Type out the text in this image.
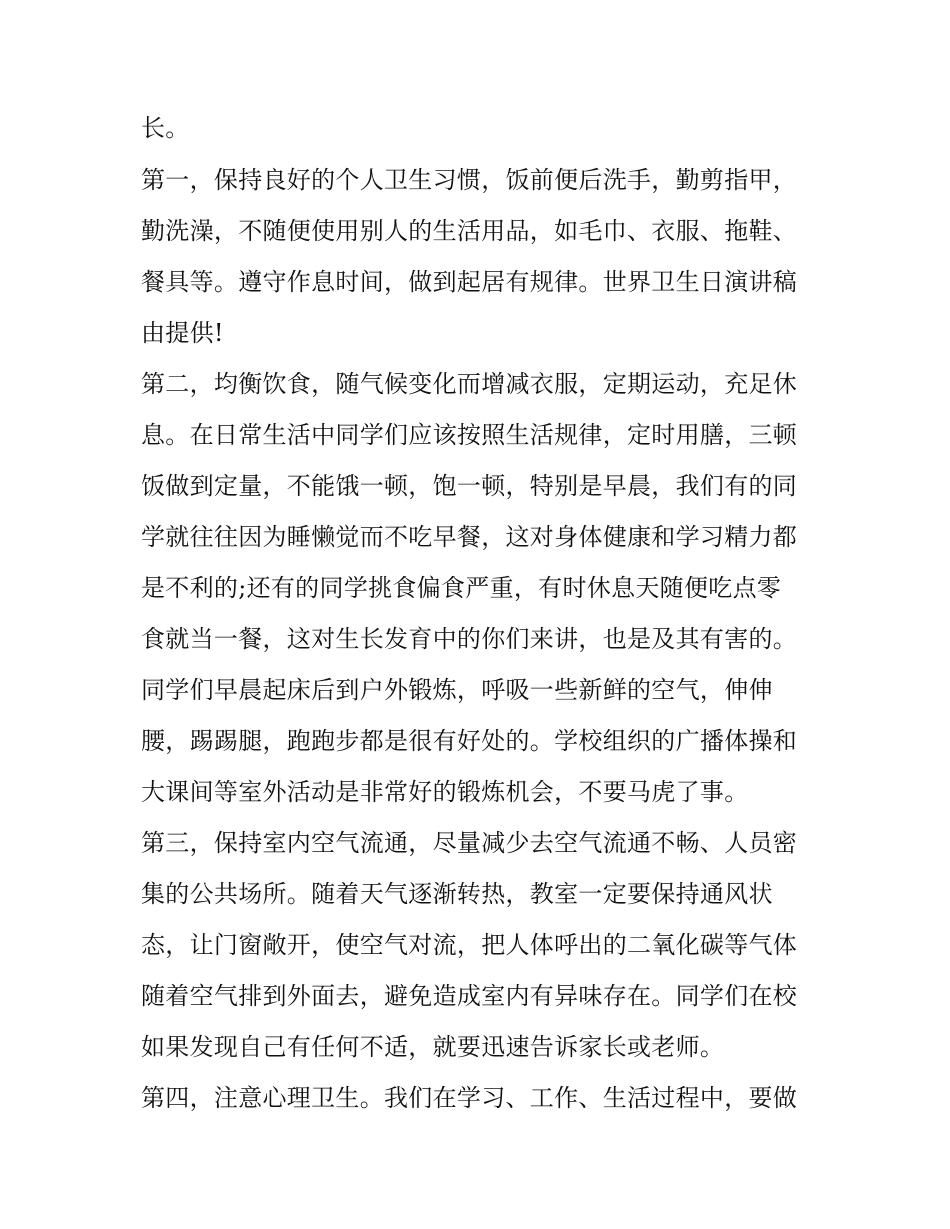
长。
第一，保持良好的个人卫生习惯，饭前便后洗手，勤剪指甲，
勤洗澡，不随便使用别人的生活用品，如毛巾、衣服、拖鞋、
餐具等。遵守作息时间，做到起居有规律。世界卫生日演讲稿
由提供!
第二，均衡饮食，随气候变化而增减衣服，定期运动，充足休
息。在日常生活中同学们应该按照生活规律，定时用膳，三顿
饭做到定量，不能饿一顿，饱一顿，特别是早晨，我们有的同
学就往往因为睡懒觉而不吃早餐，这对身体健康和学习精力都
是不利的;还有的同学挑食偏食严重，有时休息天随便吃点零
食就当一餐，这对生长发育中的你们来讲，也是及其有害的。
同学们早晨起床后到户外锻炼，呼吸一些新鲜的空气，伸伸
腰，踢踢腿，跑跑步都是很有好处的。学校组织的广播体操和
大课间等室外活动是非常好的锻炼机会，不要马虎了事。
第三，保持室内空气流通，尽量减少去空气流通不畅、人员密
集的公共场所。随着天气逐渐转热，教室一定要保持通风状
态，让门窗敞开，使空气对流，把人体呼出的二氧化碳等气体
随着空气排到外面去，避免造成室内有异味存在。同学们在校
如果发现自己有任何不适，就要迅速告诉家长或老师。
第四，注意心理卫生。我们在学习、工作、生活过程中，要做
